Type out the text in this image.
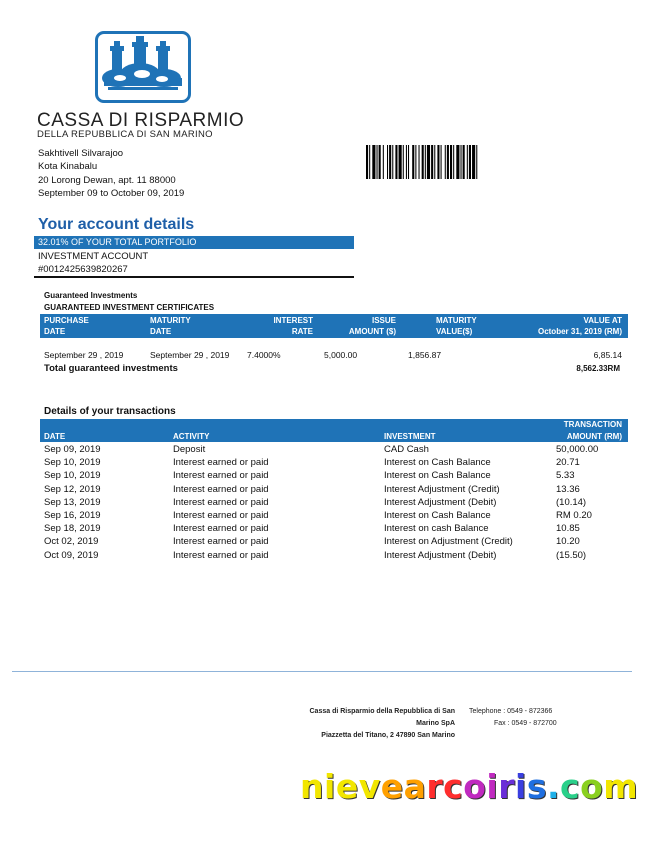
CASSA DI RISPARMIO
DELLA REPUBBLICA DI SAN MARINO
Sakhtivell Silvarajoo
Kota Kinabalu
20 Lorong Dewan, apt. 11 88000
September 09 to October 09, 2019
Your account details
32.01% OF YOUR TOTAL PORTFOLIO
INVESTMENT ACCOUNT
#0012425639820267
Guaranteed Investments
GUARANTEED INVESTMENT CERTIFICATES
PURCHASE
DATE
MATURITY
DATE
INTEREST
RATE
ISSUE
AMOUNT ($)
MATURITY
VALUE($)
VALUE AT
October 31, 2019 (RM)
September 29 , 2019	September 29 , 2019 7.4000%	5,000.00	1,856.87	6,85.14
Total guaranteed investments	8,562.33RM
Details of your transactions
DATE	ACTIVITY	INVESTMENT
TRANSACTION
AMOUNT (RM)
Sep 09, 2019	Deposit	CAD Cash	50,000.00
Sep 10, 2019	Interest earned or paid	Interest on Cash Balance	20.71
Sep 10, 2019	Interest earned or paid	Interest on Cash Balance	5.33
Sep 12, 2019	Interest earned or paid	Interest Adjustment (Credit)	13.36
Sep 13, 2019	Interest earned or paid	Interest Adjustment (Debit)	(10.14)
Sep 16, 2019	Interest earned or paid	Interest on Cash Balance	RM 0.20
Sep 18, 2019	Interest earned or paid	Interest on cash Balance	10.85
Oct 02, 2019	Interest earned or paid	Interest on Adjustment (Credit)	10.20
Oct 09, 2019	Interest earned or paid	Interest Adjustment (Debit)	(15.50)
Cassa di Risparmio della Repubblica di San
Marino SpA
Piazzetta del Titano, 2 47890 San Marino
Telephone : 0549 - 872366
Fax : 0549 - 872700
nievearcoiris.com
